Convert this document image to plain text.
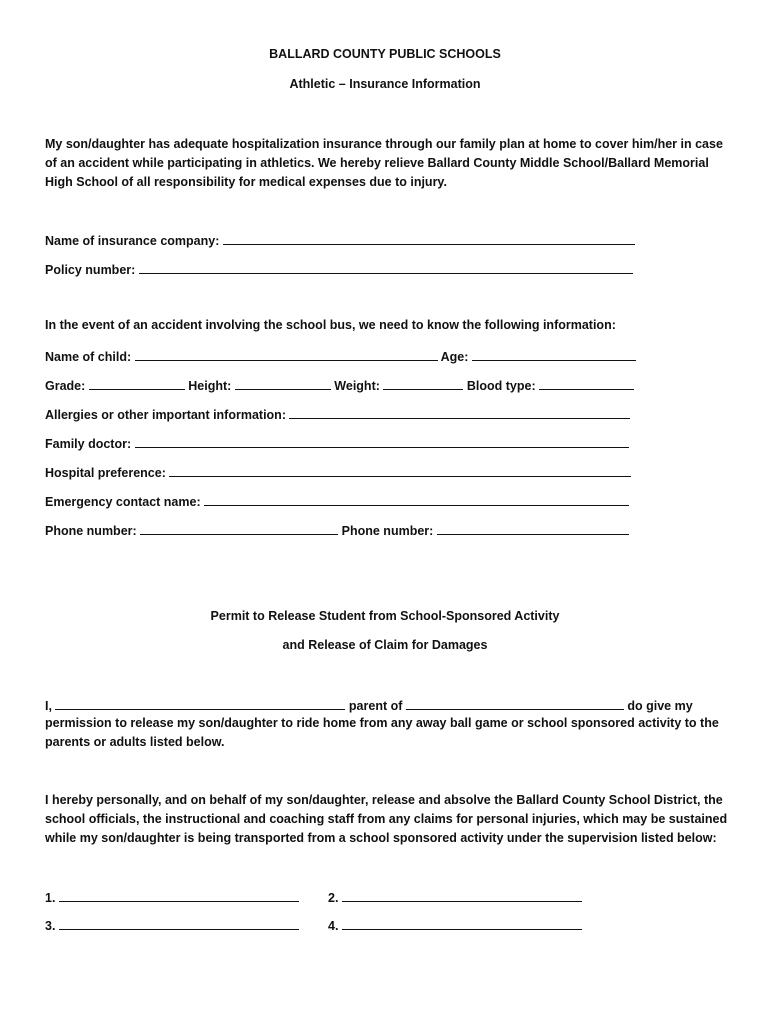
BALLARD COUNTY PUBLIC SCHOOLS
Athletic – Insurance Information
My son/daughter has adequate hospitalization insurance through our family plan at home to cover him/her in case of an accident while participating in athletics. We hereby relieve Ballard County Middle School/Ballard Memorial High School of all responsibility for medical expenses due to injury.
Name of insurance company:
Policy number:
In the event of an accident involving the school bus, we need to know the following information:
Name of child:	Age:
Grade:	Height:	Weight:	Blood type:
Allergies or other important information:
Family doctor:
Hospital preference:
Emergency contact name:
Phone number:	Phone number:
Permit to Release Student from School-Sponsored Activity
and Release of Claim for Damages
I,	parent of	do give my
permission to release my son/daughter to ride home from any away ball game or school sponsored activity to the parents or adults listed below.
I hereby personally, and on behalf of my son/daughter, release and absolve the Ballard County School District, the school officials, the instructional and coaching staff from any claims for personal injuries, which may be sustained while my son/daughter is being transported from a school sponsored activity under the supervision listed below:
1.	2.
3.	4.
